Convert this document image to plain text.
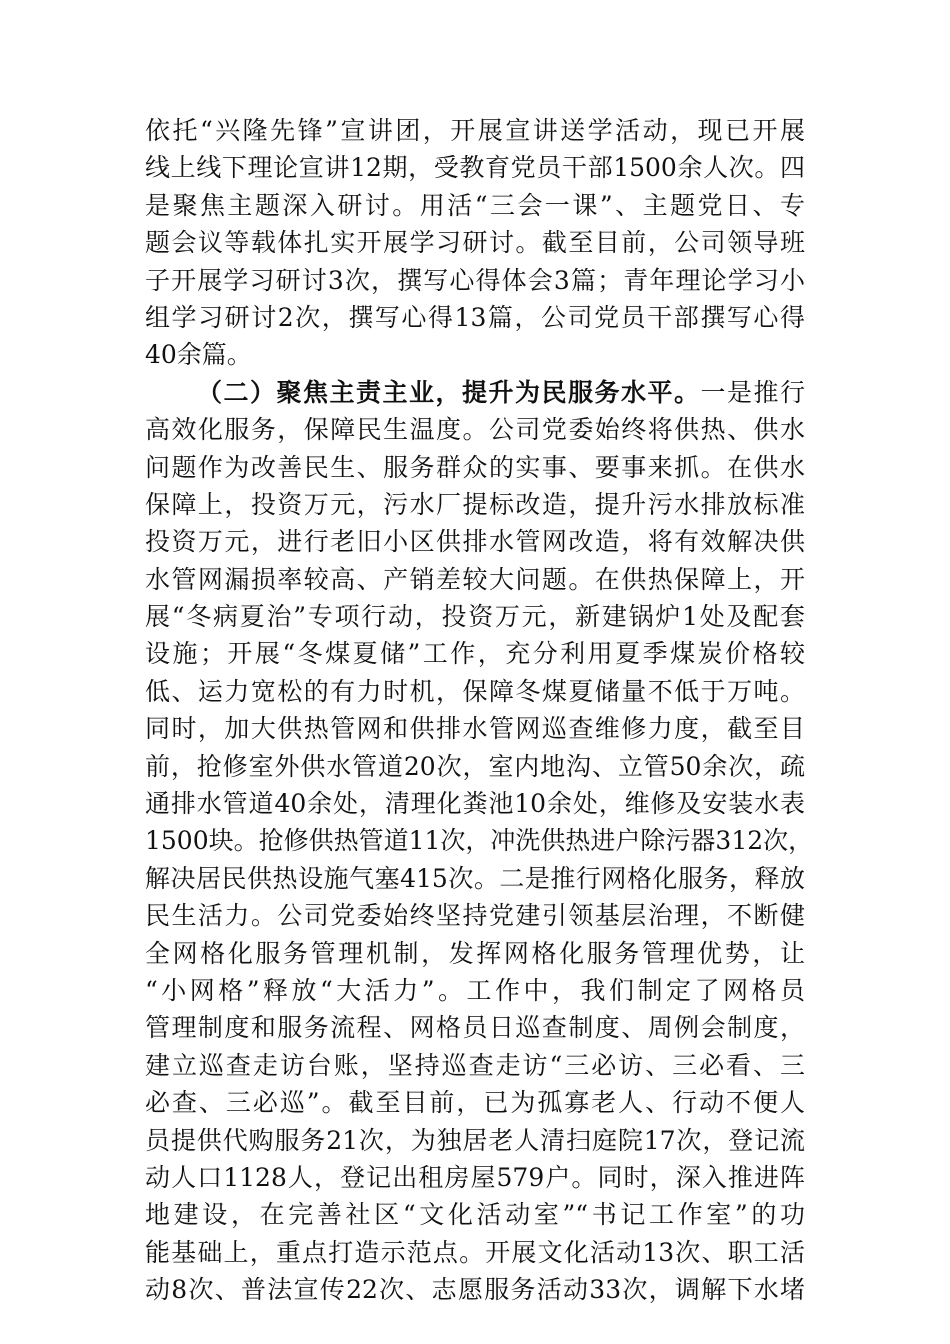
依托“兴隆先锋”宣讲团，开展宣讲送学活动，现已开展
线上线下理论宣讲12期，受教育党员干部1500余人次。四
是聚焦主题深入研讨。用活“三会一课”、主题党日、专
题会议等载体扎实开展学习研讨。截至目前，公司领导班
子开展学习研讨3次，撰写心得体会3篇；青年理论学习小
组学习研讨2次，撰写心得13篇，公司党员干部撰写心得
40余篇。
（二）聚焦主责主业，提升为民服务水平。一是推行
高效化服务，保障民生温度。公司党委始终将供热、供水
问题作为改善民生、服务群众的实事、要事来抓。在供水
保障上，投资万元，污水厂提标改造，提升污水排放标准
投资万元，进行老旧小区供排水管网改造，将有效解决供
水管网漏损率较高、产销差较大问题。在供热保障上，开
展“冬病夏治”专项行动，投资万元，新建锅炉1处及配套
设施；开展“冬煤夏储”工作，充分利用夏季煤炭价格较
低、运力宽松的有力时机，保障冬煤夏储量不低于万吨。
同时，加大供热管网和供排水管网巡查维修力度，截至目
前，抢修室外供水管道20次，室内地沟、立管50余次，疏
通排水管道40余处，清理化粪池10余处，维修及安装水表
1500块。抢修供热管道11次，冲洗供热进户除污器312次，
解决居民供热设施气塞415次。二是推行网格化服务，释放
民生活力。公司党委始终坚持党建引领基层治理，不断健
全网格化服务管理机制，发挥网格化服务管理优势，让
“小网格”释放“大活力”。工作中，我们制定了网格员
管理制度和服务流程、网格员日巡查制度、周例会制度，
建立巡查走访台账，坚持巡查走访“三必访、三必看、三
必查、三必巡”。截至目前，已为孤寡老人、行动不便人
员提供代购服务21次，为独居老人清扫庭院17次，登记流
动人口1128人，登记出租房屋579户。同时，深入推进阵
地建设，在完善社区“文化活动室”“书记工作室”的功
能基础上，重点打造示范点。开展文化活动13次、职工活
动8次、普法宣传22次、志愿服务活动33次，调解下水堵
